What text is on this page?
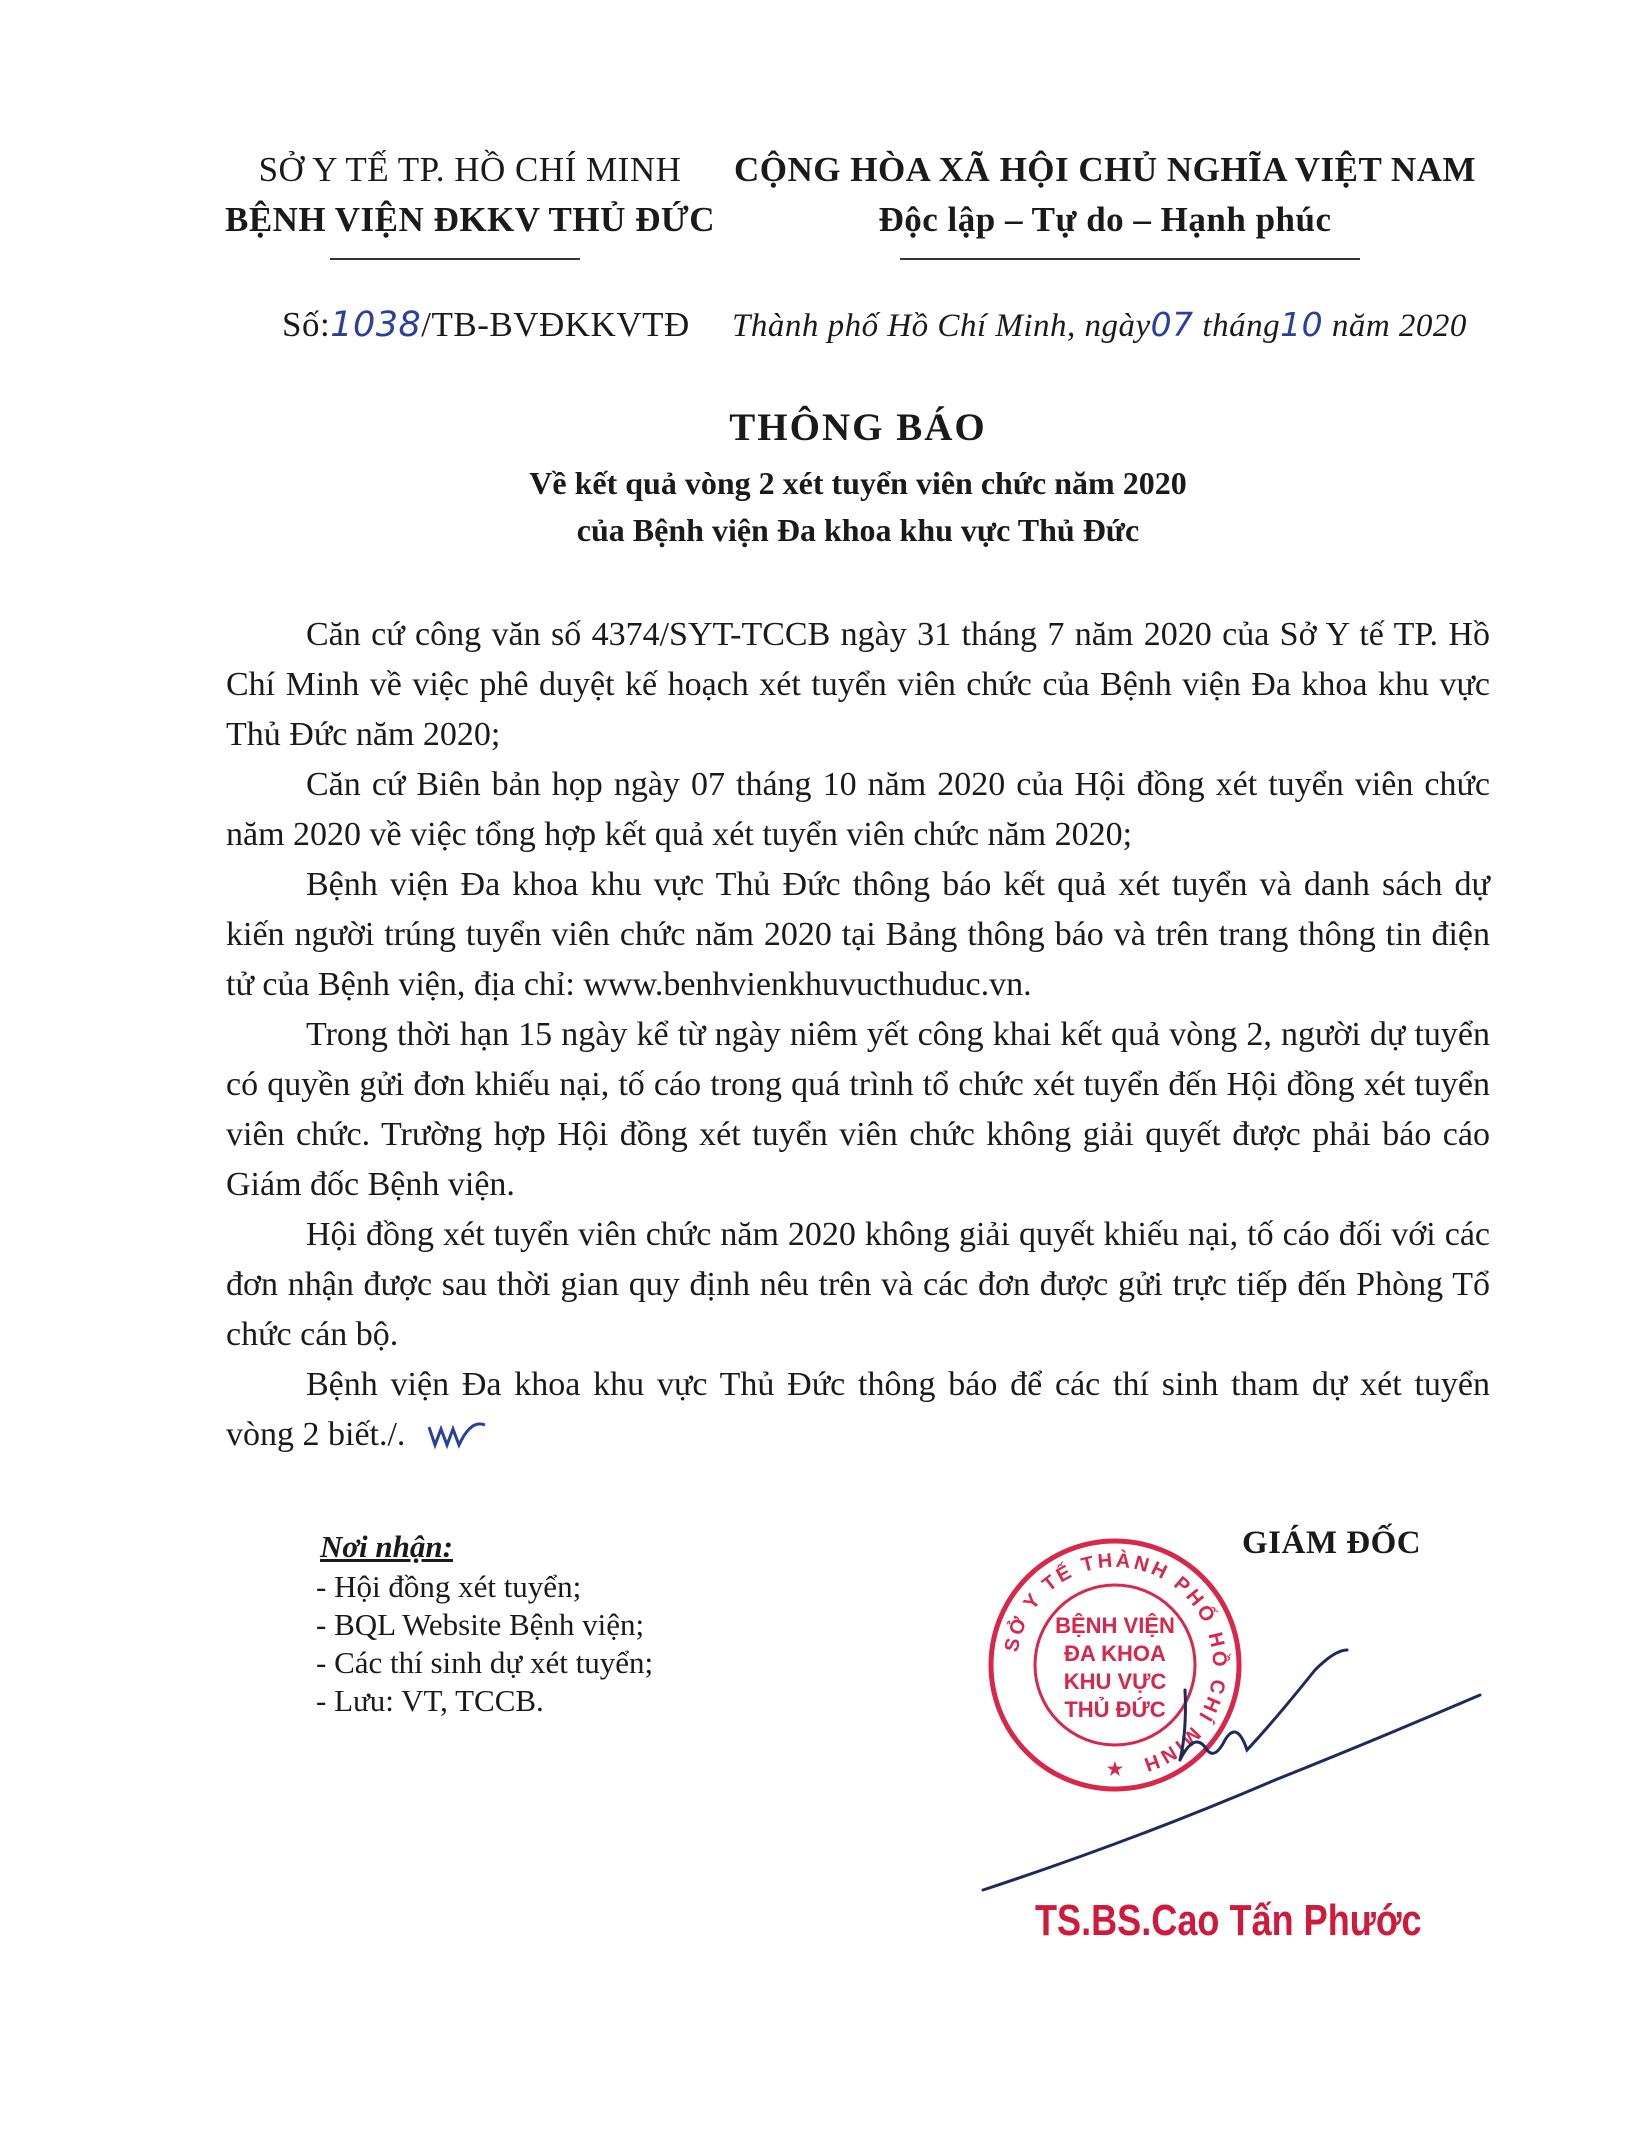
SỞ Y TẾ TP. HỒ CHÍ MINH
BỆNH VIỆN ĐKKV THỦ ĐỨC
CỘNG HÒA XÃ HỘI CHỦ NGHĨA VIỆT NAM
Độc lập – Tự do – Hạnh phúc
Số:1038/TB-BVĐKKVTĐ Thành phố Hồ Chí Minh, ngày07 tháng10 năm 2020
THÔNG BÁO
Về kết quả vòng 2 xét tuyển viên chức năm 2020
của Bệnh viện Đa khoa khu vực Thủ Đức

Căn cứ công văn số 4374/SYT-TCCB ngày 31 tháng 7 năm 2020 của Sở Y tế TP. Hồ Chí Minh về việc phê duyệt kế hoạch xét tuyển viên chức của Bệnh viện Đa khoa khu vực Thủ Đức năm 2020;

Căn cứ Biên bản họp ngày 07 tháng 10 năm 2020 của Hội đồng xét tuyển viên chức năm 2020 về việc tổng hợp kết quả xét tuyển viên chức năm 2020;

Bệnh viện Đa khoa khu vực Thủ Đức thông báo kết quả xét tuyển và danh sách dự kiến người trúng tuyển viên chức năm 2020 tại Bảng thông báo và trên trang thông tin điện tử của Bệnh viện, địa chỉ: www.benhvienkhuvucthuduc.vn.

Trong thời hạn 15 ngày kể từ ngày niêm yết công khai kết quả vòng 2, người dự tuyển có quyền gửi đơn khiếu nại, tố cáo trong quá trình tổ chức xét tuyển đến Hội đồng xét tuyển viên chức. Trường hợp Hội đồng xét tuyển viên chức không giải quyết được phải báo cáo Giám đốc Bệnh viện.

Hội đồng xét tuyển viên chức năm 2020 không giải quyết khiếu nại, tố cáo đối với các đơn nhận được sau thời gian quy định nêu trên và các đơn được gửi trực tiếp đến Phòng Tổ chức cán bộ.

Bệnh viện Đa khoa khu vực Thủ Đức thông báo để các thí sinh tham dự xét tuyển vòng 2 biết./.

Nơi nhận:
- Hội đồng xét tuyển;
- BQL Website Bệnh viện;
- Các thí sinh dự xét tuyển;
- Lưu: VT, TCCB.
GIÁM ĐỐC
SỞ Y TẾ THÀNH PHỐ HỒ CHÍ MINH
BỆNH VIỆN
ĐA KHOA
KHU VỰC
THỦ ĐỨC
★
TS.BS.Cao Tấn Phước
